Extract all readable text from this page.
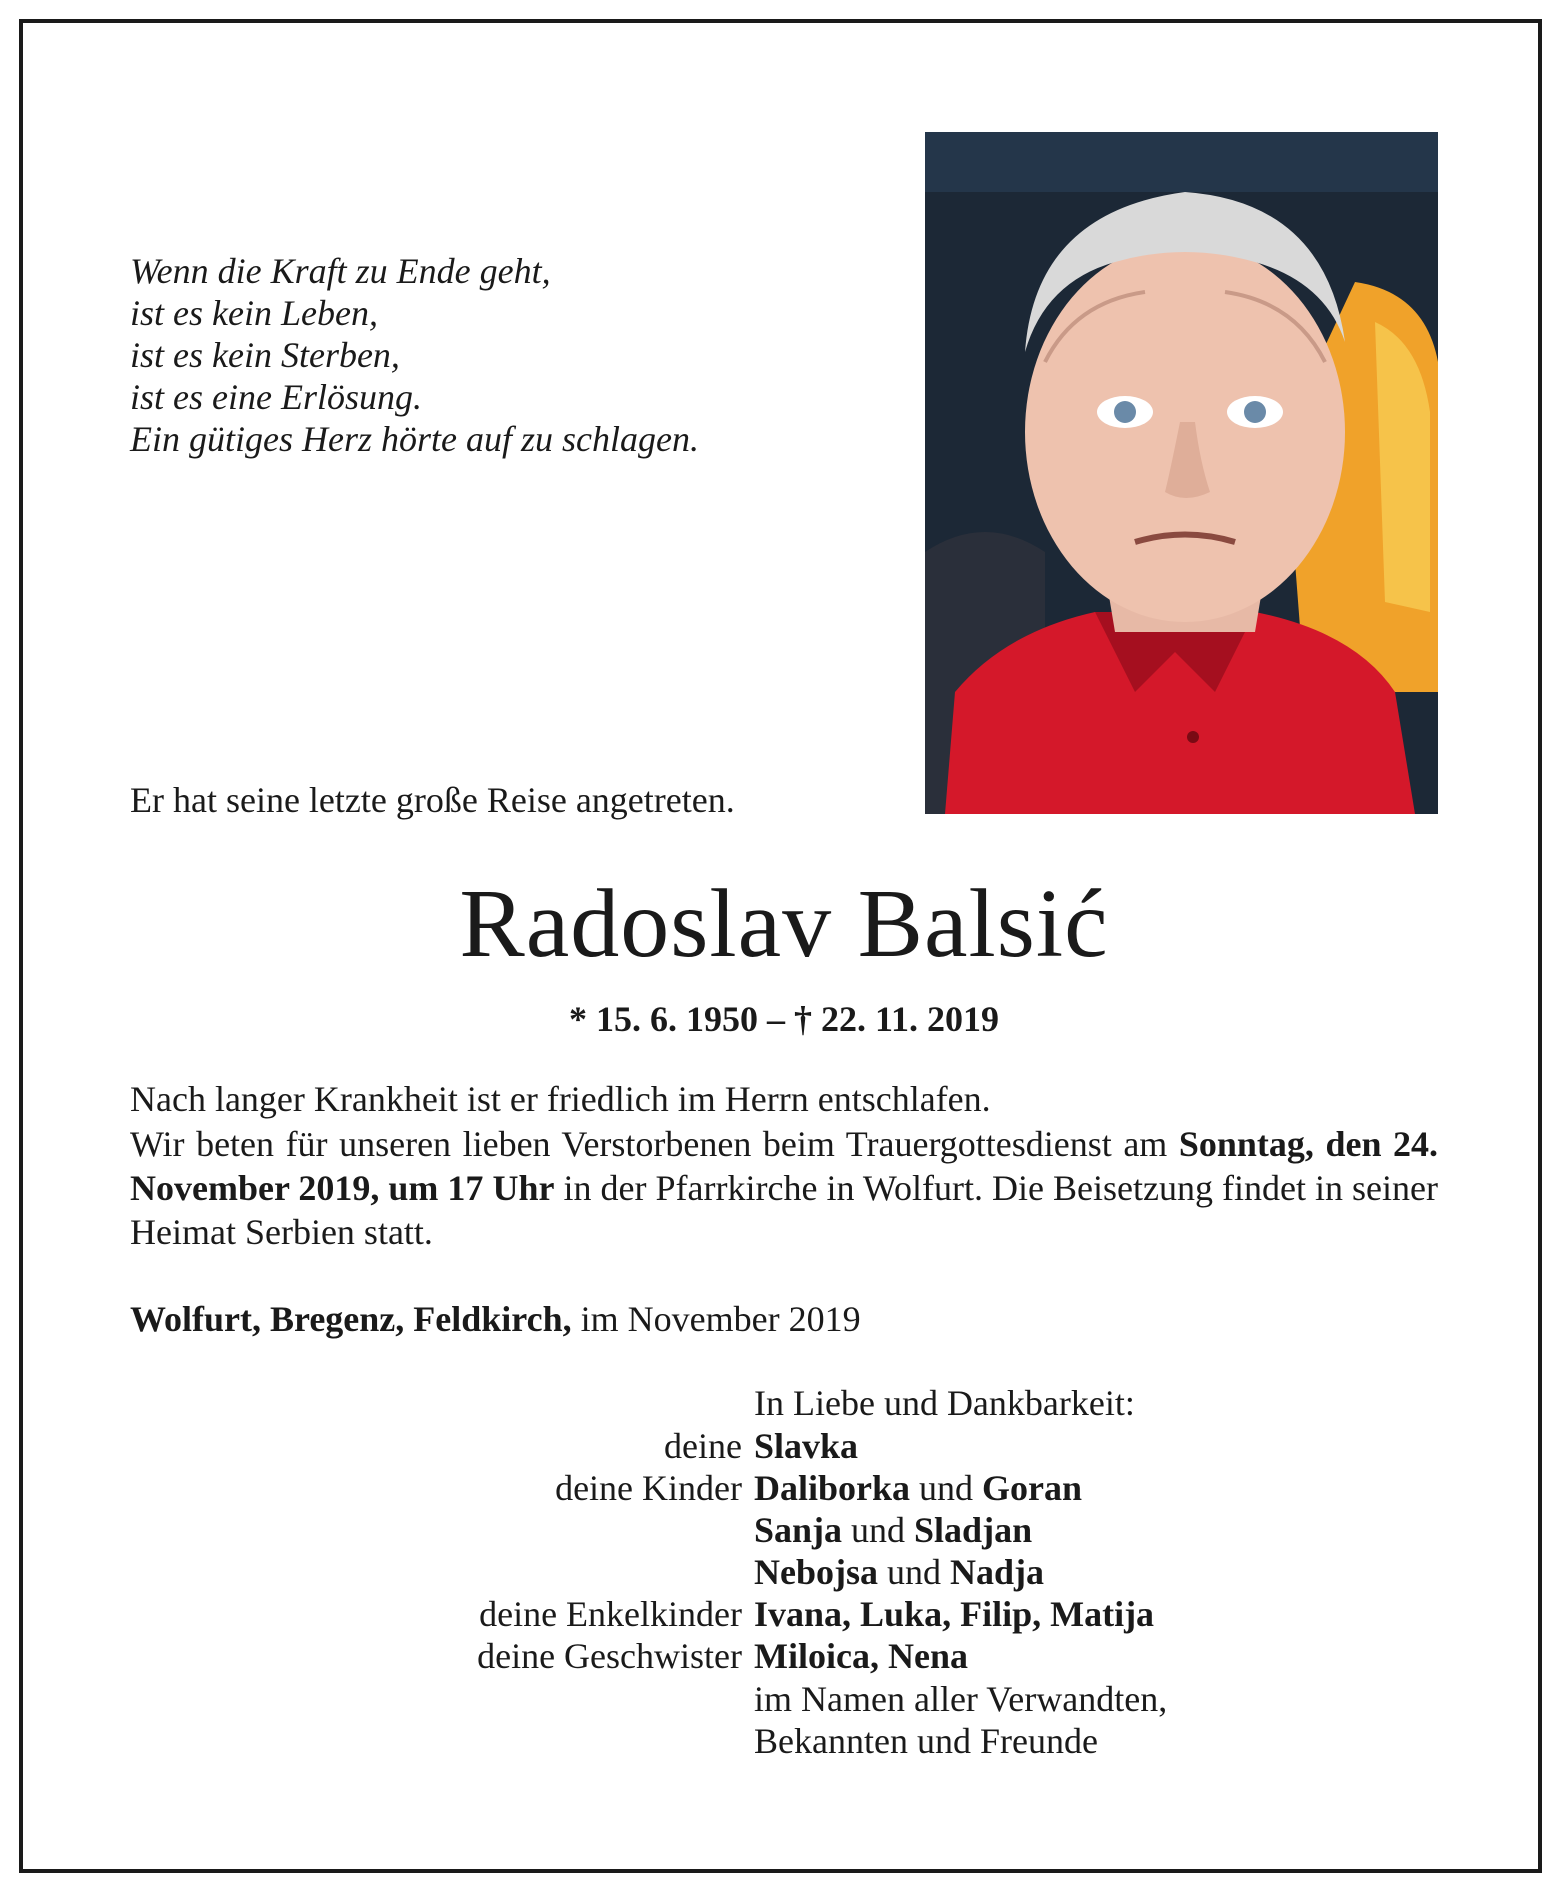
Wenn die Kraft zu Ende geht,
ist es kein Leben,
ist es kein Sterben,
ist es eine Erlösung.
Ein gütiges Herz hörte auf zu schlagen.
Er hat seine letzte große Reise angetreten.
Radoslav Balsić
* 15. 6. 1950 – † 22. 11. 2019
Nach langer Krankheit ist er friedlich im Herrn entschlafen.
Wir beten für unseren lieben Verstorbenen beim Trauergottesdienst am Sonntag, den 24. November 2019, um 17 Uhr in der Pfarrkirche in Wolfurt. Die Beisetzung findet in seiner Heimat Serbien statt.
Wolfurt, Bregenz, Feldkirch, im November 2019
In Liebe und Dankbarkeit:
deine Slavka
deine Kinder Daliborka und Goran
Sanja und Sladjan
Nebojsa und Nadja
deine Enkelkinder Ivana, Luka, Filip, Matija
deine Geschwister Miloica, Nena
im Namen aller Verwandten,
Bekannten und Freunde
